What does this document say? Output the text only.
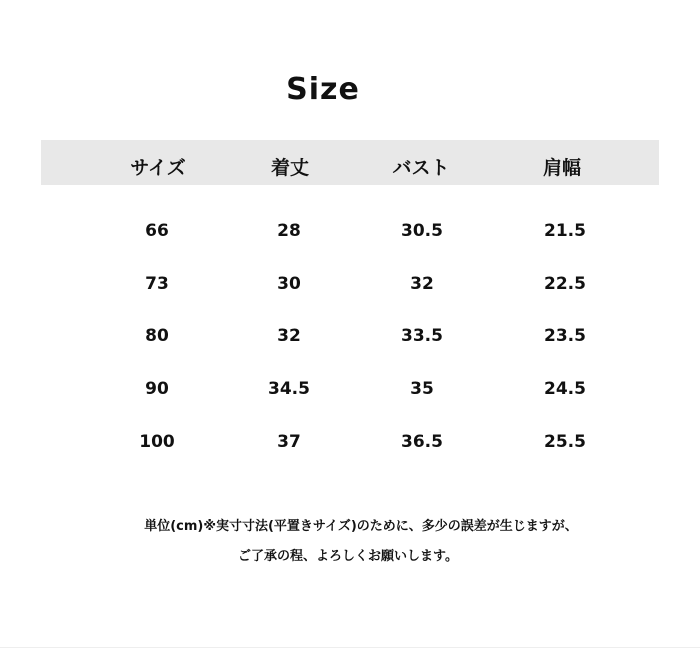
Size
サイズ	着丈	バスト	肩幅
66	28	30.5	21.5
73	30	32	22.5
80	32	33.5	23.5
90	34.5	35	24.5
100	37	36.5	25.5
単位(cm)※実寸寸法(平置きサイズ)のために、多少の誤差が生じますが、
ご了承の程、よろしくお願いします。
